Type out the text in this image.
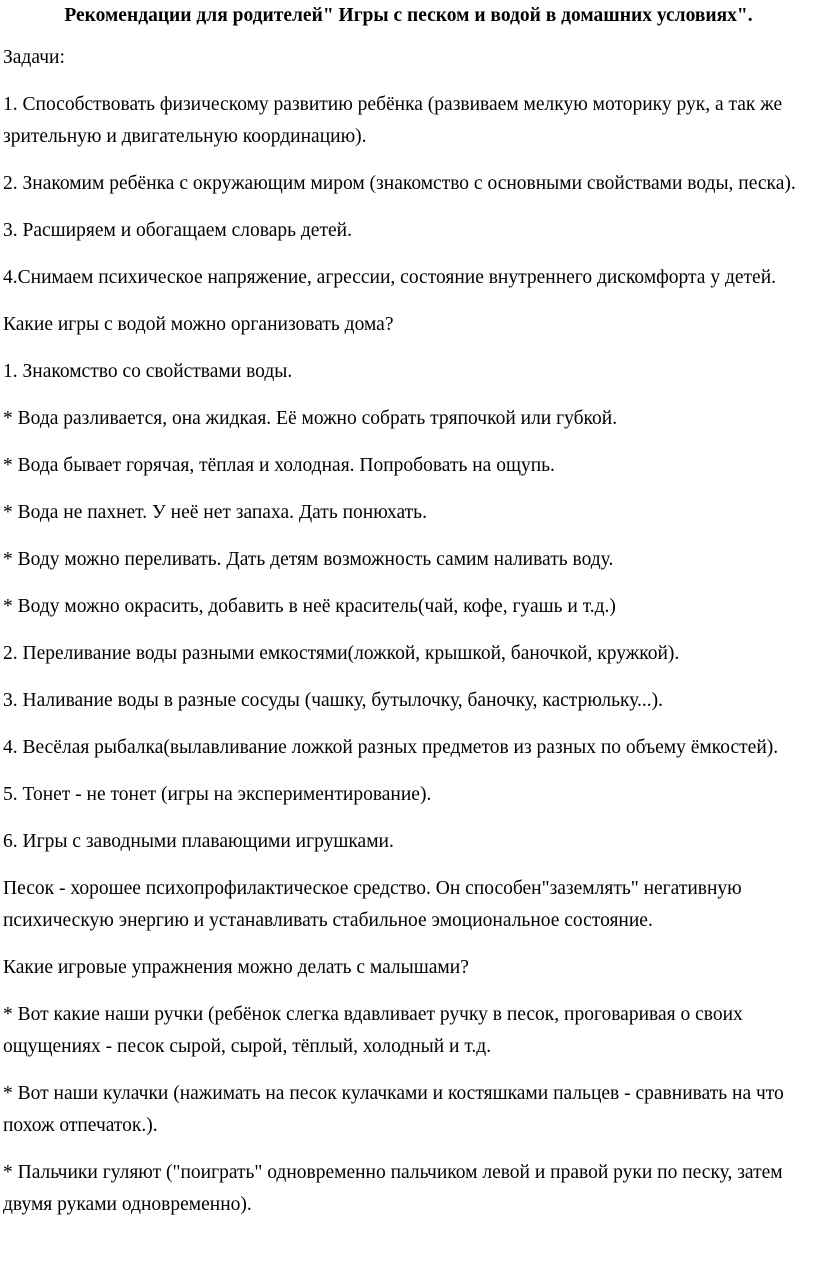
Рекомендации для родителей" Игры с песком и водой в домашних условиях".
Задачи:
1. Способствовать физическому развитию ребёнка (развиваем мелкую моторику рук, а так же зрительную и двигательную координацию).
2. Знакомим ребёнка с окружающим миром (знакомство с основными свойствами воды, песка).
3. Расширяем и обогащаем словарь детей.
4.Снимаем психическое напряжение, агрессии, состояние внутреннего дискомфорта у детей.
Какие игры с водой можно организовать дома?
1. Знакомство со свойствами воды.
* Вода разливается, она жидкая. Её можно собрать тряпочкой или губкой.
* Вода бывает горячая, тёплая и холодная. Попробовать на ощупь.
* Вода не пахнет. У неё нет запаха. Дать понюхать.
* Воду можно переливать. Дать детям возможность самим наливать воду.
* Воду можно окрасить, добавить в неё краситель(чай, кофе, гуашь и т.д.)
2. Переливание воды разными емкостями(ложкой, крышкой, баночкой, кружкой).
3. Наливание воды в разные сосуды (чашку, бутылочку, баночку, кастрюльку...).
4. Весёлая рыбалка(вылавливание ложкой разных предметов из разных по объему ёмкостей).
5. Тонет - не тонет (игры на экспериментирование).
6. Игры с заводными плавающими игрушками.
Песок - хорошее психопрофилактическое средство. Он способен"заземлять" негативную психическую энергию и устанавливать стабильное эмоциональное состояние.
Какие игровые упражнения можно делать с малышами?
* Вот какие наши ручки (ребёнок слегка вдавливает ручку в песок, проговаривая о своих ощущениях - песок сырой, сырой, тёплый, холодный и т.д.
* Вот наши кулачки (нажимать на песок кулачками и костяшками пальцев - сравнивать на что похож отпечаток.).
* Пальчики гуляют ("поиграть" одновременно пальчиком левой и правой руки по песку, затем двумя руками одновременно).
